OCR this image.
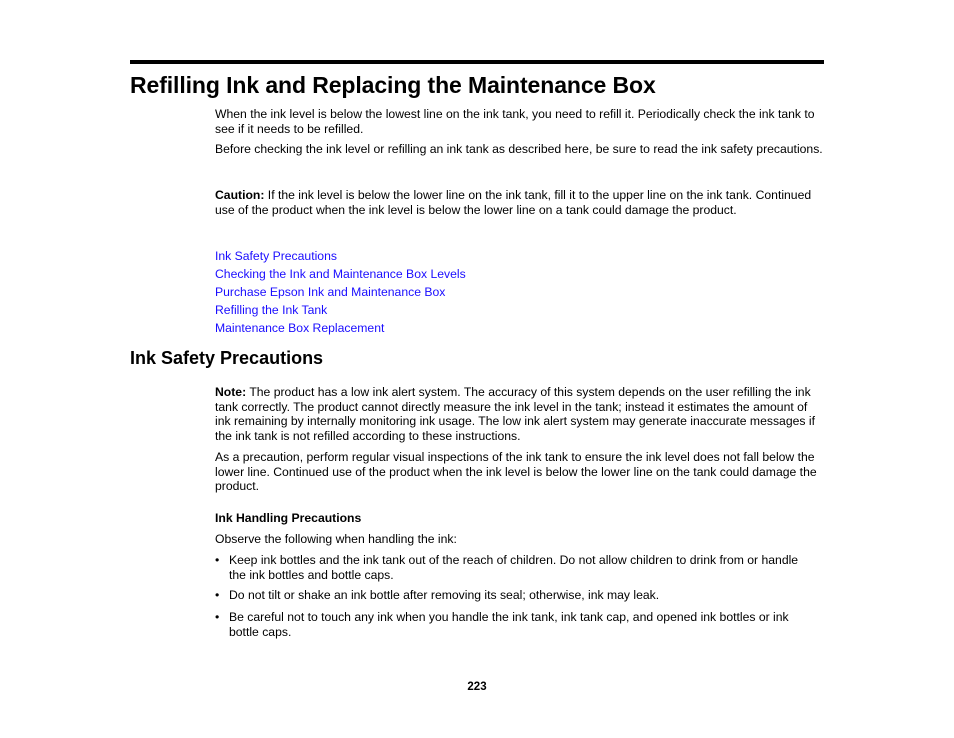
Refilling Ink and Replacing the Maintenance Box

When the ink level is below the lowest line on the ink tank, you need to refill it. Periodically check the ink tank to see if it needs to be refilled.

Before checking the ink level or refilling an ink tank as described here, be sure to read the ink safety precautions.

Caution: If the ink level is below the lower line on the ink tank, fill it to the upper line on the ink tank. Continued use of the product when the ink level is below the lower line on a tank could damage the product.

Ink Safety Precautions
Checking the Ink and Maintenance Box Levels
Purchase Epson Ink and Maintenance Box
Refilling the Ink Tank
Maintenance Box Replacement
Ink Safety Precautions

Note: The product has a low ink alert system. The accuracy of this system depends on the user refilling the ink tank correctly. The product cannot directly measure the ink level in the tank; instead it estimates the amount of ink remaining by internally monitoring ink usage. The low ink alert system may generate inaccurate messages if the ink tank is not refilled according to these instructions.

As a precaution, perform regular visual inspections of the ink tank to ensure the ink level does not fall below the lower line. Continued use of the product when the ink level is below the lower line on the tank could damage the product.

Ink Handling Precautions

Observe the following when handling the ink:

• Keep ink bottles and the ink tank out of the reach of children. Do not allow children to drink from or handle the ink bottles and bottle caps.

• Do not tilt or shake an ink bottle after removing its seal; otherwise, ink may leak.

• Be careful not to touch any ink when you handle the ink tank, ink tank cap, and opened ink bottles or ink bottle caps.

223
